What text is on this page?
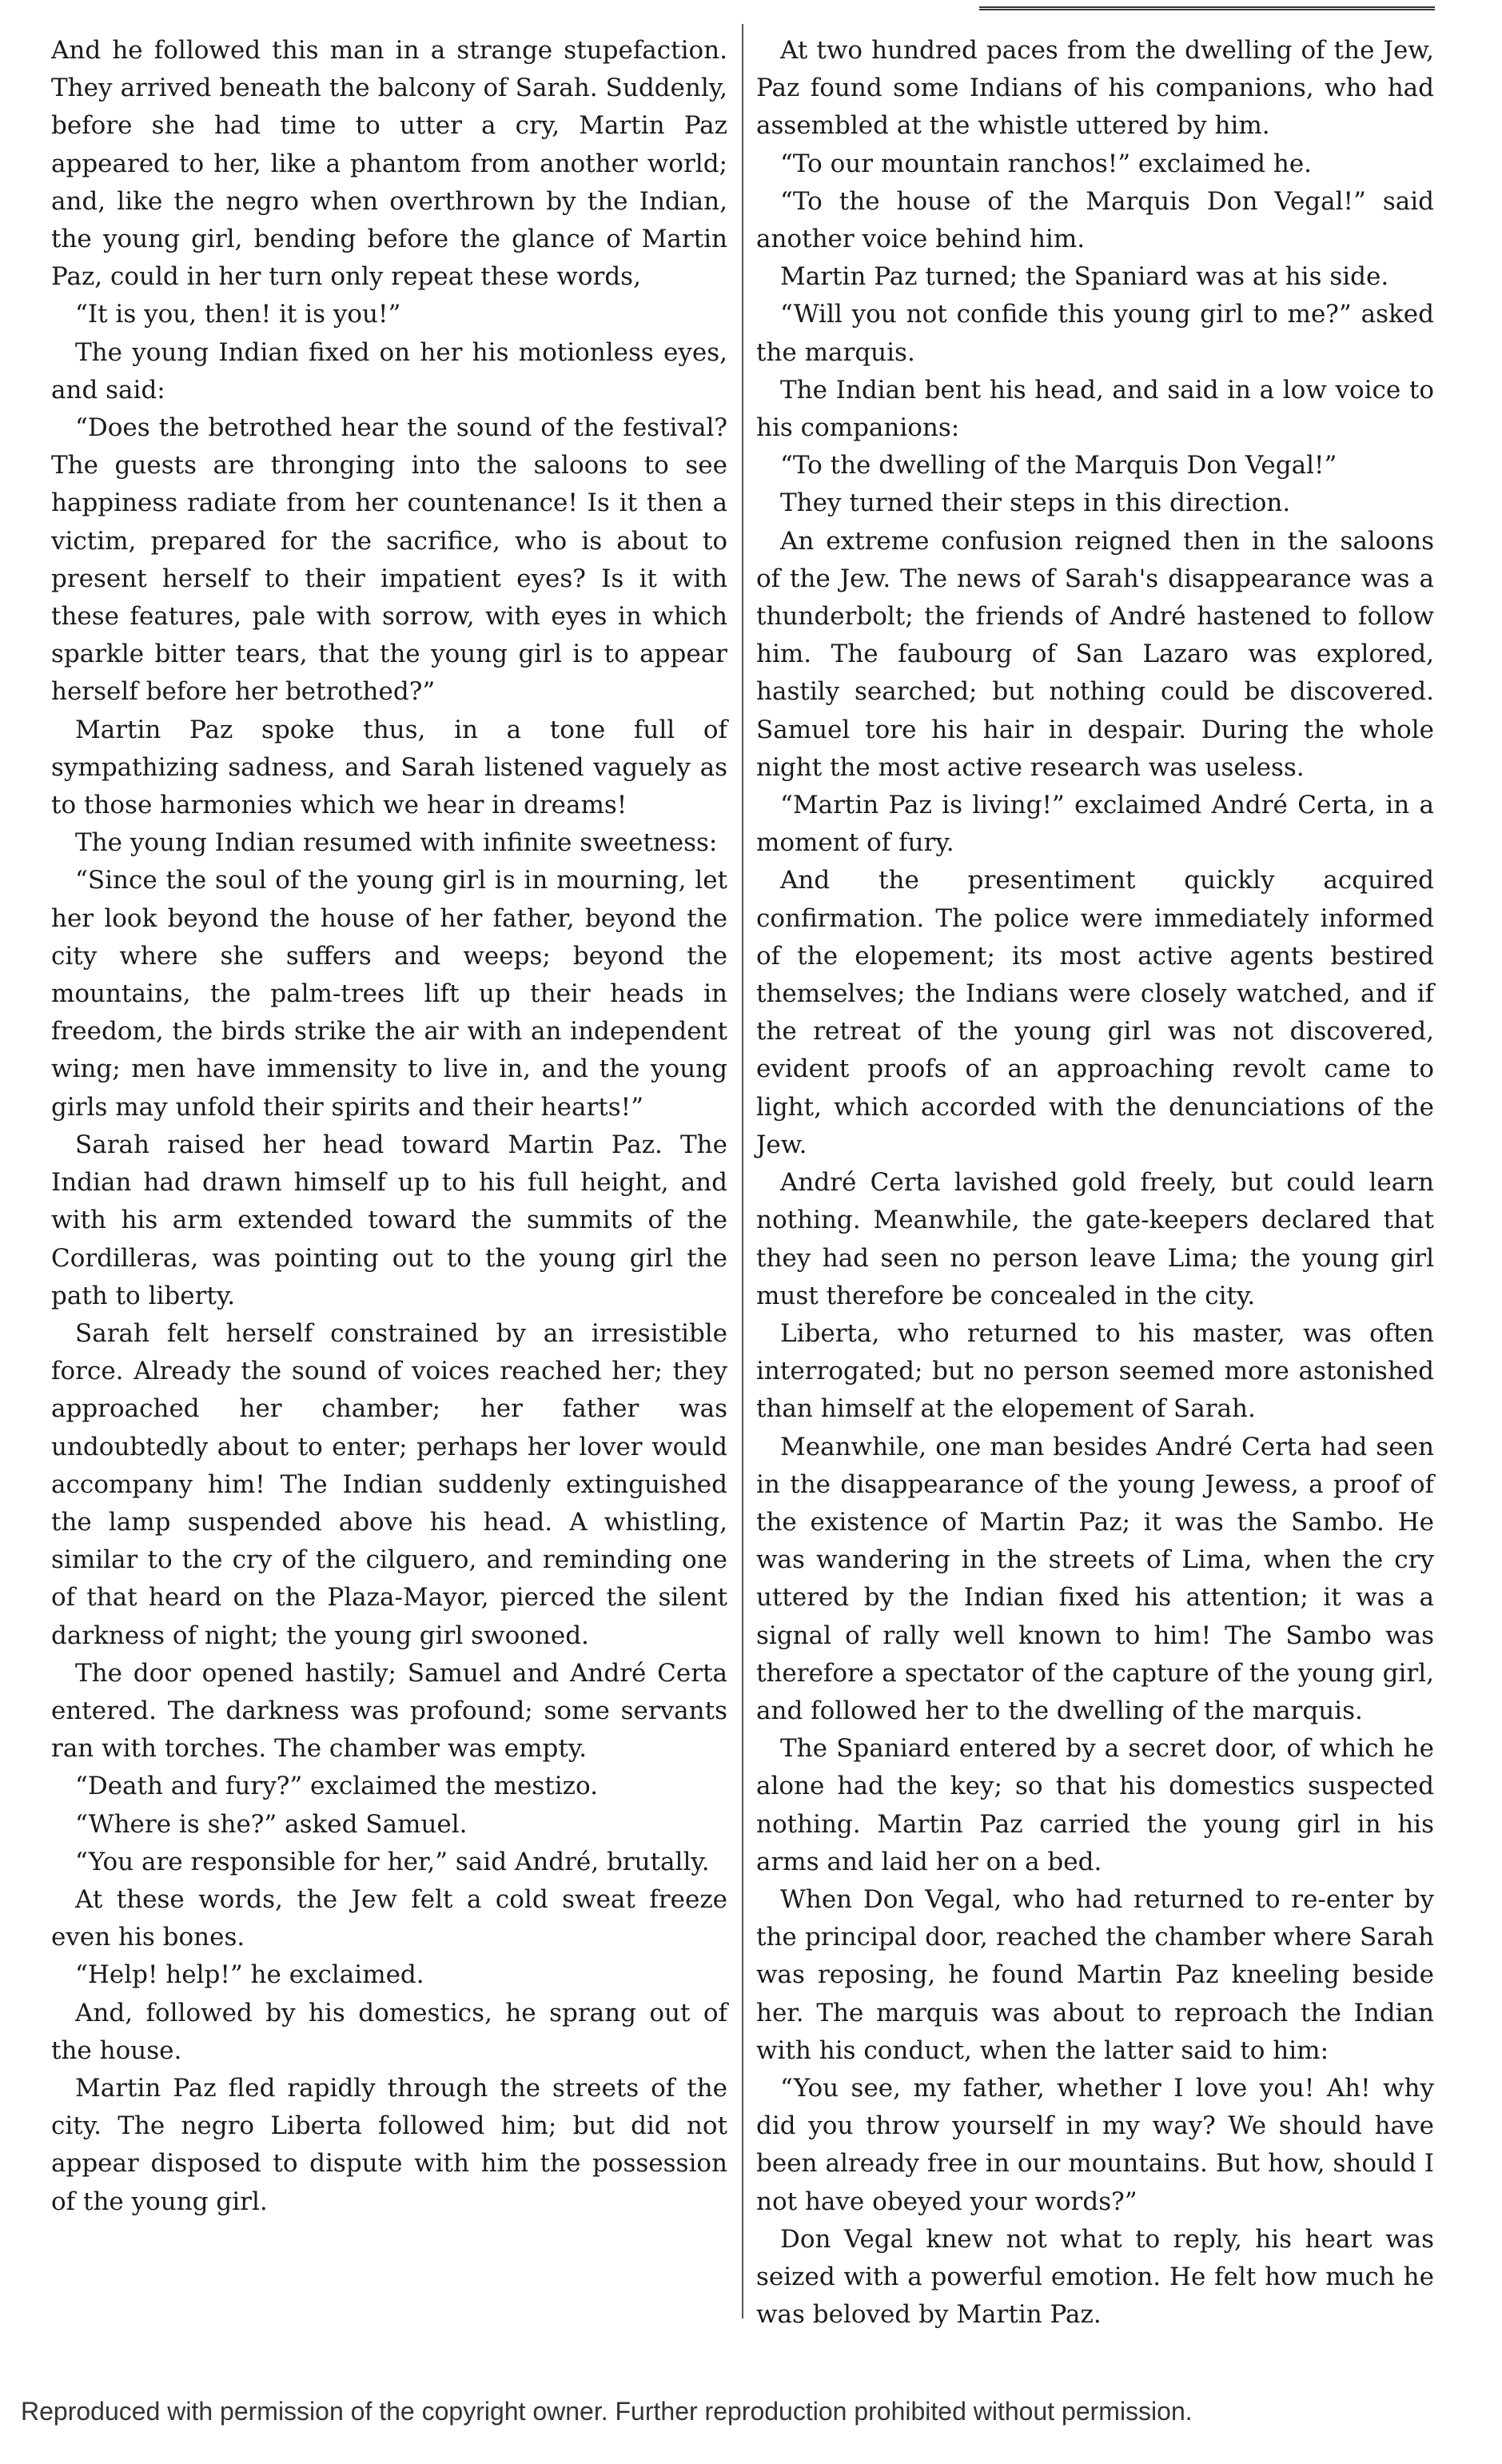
And he followed this man in a strange stupefaction. They arrived beneath the balcony of Sarah. Suddenly, before she had time to utter a cry, Martin Paz appeared to her, like a phantom from another world; and, like the negro when overthrown by the Indian, the young girl, bending before the glance of Martin Paz, could in her turn only repeat these words,

“It is you, then! it is you!”

The young Indian fixed on her his motionless eyes, and said:

“Does the betrothed hear the sound of the festival? The guests are thronging into the saloons to see happiness radiate from her countenance! Is it then a victim, prepared for the sacrifice, who is about to present herself to their impatient eyes? Is it with these features, pale with sorrow, with eyes in which sparkle bitter tears, that the young girl is to appear herself before her betrothed?”

Martin Paz spoke thus, in a tone full of sympathizing sadness, and Sarah listened vaguely as to those harmonies which we hear in dreams!

The young Indian resumed with infinite sweetness:

“Since the soul of the young girl is in mourning, let her look beyond the house of her father, beyond the city where she suffers and weeps; beyond the mountains, the palm-trees lift up their heads in freedom, the birds strike the air with an independent wing; men have immensity to live in, and the young girls may unfold their spirits and their hearts!”

Sarah raised her head toward Martin Paz. The Indian had drawn himself up to his full height, and with his arm extended toward the summits of the Cordilleras, was pointing out to the young girl the path to liberty.

Sarah felt herself constrained by an irresistible force. Already the sound of voices reached her; they approached her chamber; her father was undoubtedly about to enter; perhaps her lover would accompany him! The Indian suddenly extinguished the lamp suspended above his head. A whistling, similar to the cry of the cilguero, and reminding one of that heard on the Plaza-Mayor, pierced the silent darkness of night; the young girl swooned.

The door opened hastily; Samuel and André Certa entered. The darkness was profound; some servants ran with torches. The chamber was empty.

“Death and fury?” exclaimed the mestizo.

“Where is she?” asked Samuel.

“You are responsible for her,” said André, brutally.

At these words, the Jew felt a cold sweat freeze even his bones.

“Help! help!” he exclaimed.

And, followed by his domestics, he sprang out of the house.

Martin Paz fled rapidly through the streets of the city. The negro Liberta followed him; but did not appear disposed to dispute with him the possession of the young girl.

At two hundred paces from the dwelling of the Jew, Paz found some Indians of his companions, who had assembled at the whistle uttered by him.

“To our mountain ranchos!” exclaimed he.

“To the house of the Marquis Don Vegal!” said another voice behind him.

Martin Paz turned; the Spaniard was at his side.

“Will you not confide this young girl to me?” asked the marquis.

The Indian bent his head, and said in a low voice to his companions:

“To the dwelling of the Marquis Don Vegal!”

They turned their steps in this direction.

An extreme confusion reigned then in the saloons of the Jew. The news of Sarah's disappearance was a thunderbolt; the friends of André hastened to follow him. The faubourg of San Lazaro was explored, hastily searched; but nothing could be discovered. Samuel tore his hair in despair. During the whole night the most active research was useless.

“Martin Paz is living!” exclaimed André Certa, in a moment of fury.

And the presentiment quickly acquired confirmation. The police were immediately informed of the elopement; its most active agents bestired themselves; the Indians were closely watched, and if the retreat of the young girl was not discovered, evident proofs of an approaching revolt came to light, which accorded with the denunciations of the Jew.

André Certa lavished gold freely, but could learn nothing. Meanwhile, the gate-keepers declared that they had seen no person leave Lima; the young girl must therefore be concealed in the city.

Liberta, who returned to his master, was often interrogated; but no person seemed more astonished than himself at the elopement of Sarah.

Meanwhile, one man besides André Certa had seen in the disappearance of the young Jewess, a proof of the existence of Martin Paz; it was the Sambo. He was wandering in the streets of Lima, when the cry uttered by the Indian fixed his attention; it was a signal of rally well known to him! The Sambo was therefore a spectator of the capture of the young girl, and followed her to the dwelling of the marquis.

The Spaniard entered by a secret door, of which he alone had the key; so that his domestics suspected nothing. Martin Paz carried the young girl in his arms and laid her on a bed.

When Don Vegal, who had returned to re-enter by the principal door, reached the chamber where Sarah was reposing, he found Martin Paz kneeling beside her. The marquis was about to reproach the Indian with his conduct, when the latter said to him:

“You see, my father, whether I love you! Ah! why did you throw yourself in my way? We should have been already free in our mountains. But how, should I not have obeyed your words?”

Don Vegal knew not what to reply, his heart was seized with a powerful emotion. He felt how much he was beloved by Martin Paz.

Reproduced with permission of the copyright owner. Further reproduction prohibited without permission.
